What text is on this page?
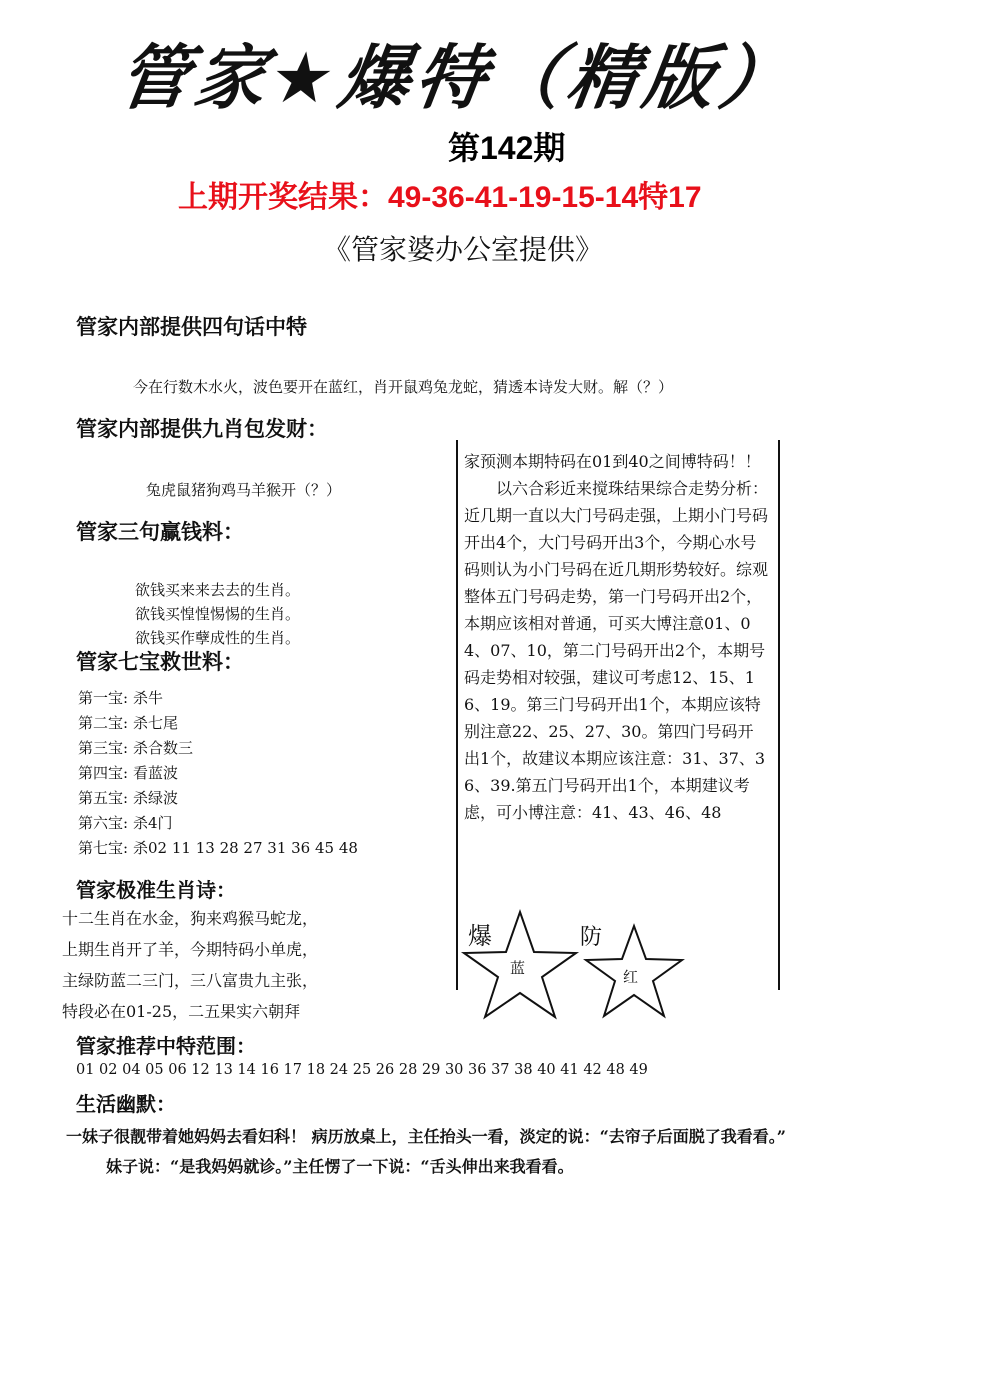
管家★爆特（精版）
第142期
上期开奖结果：49-36-41-19-15-14特17
《管家婆办公室提供》
管家内部提供四句话中特
今在行数木水火，波色要开在蓝红，肖开鼠鸡兔龙蛇，猜透本诗发大财。解（？）
管家内部提供九肖包发财：
兔虎鼠猪狗鸡马羊猴开（？）
管家三句赢钱料：
欲钱买来来去去的生肖。
欲钱买惶惶惕惕的生肖。
欲钱买作孽成性的生肖。
管家七宝救世料：
第一宝: 杀牛
第二宝: 杀七尾
第三宝: 杀合数三
第四宝: 看蓝波
第五宝: 杀绿波
第六宝: 杀4门
第七宝: 杀02 11 13 28 27 31 36 45 48
管家极准生肖诗：
十二生肖在水金，狗来鸡猴马蛇龙，
上期生肖开了羊，今期特码小单虎，
主绿防蓝二三门，三八富贵九主张，
特段必在01-25，二五果实六朝拜

家预测本期特码在01到40之间博特码！！

以六合彩近来搅珠结果综合走势分析：近几期一直以大门号码走强，上期小门号码开出4个，大门号码开出3个，今期心水号码则认为小门号码在近几期形势较好。综观整体五门号码走势，第一门号码开出2个，本期应该相对普通，可买大博注意01、04、07、10，第二门号码开出2个，本期号码走势相对较强，建议可考虑12、15、16、19。第三门号码开出1个，本期应该特别注意22、25、27、30。第四门号码开出1个，故建议本期应该注意：31、37、36、39.第五门号码开出1个，本期建议考虑，可小博注意：41、43、46、48

爆
蓝
防
红
管家推荐中特范围：
01 02 04 05 06 12 13 14 16 17 18 24 25 26 28 29 30 36 37 38 40 41 42 48 49
生活幽默：
一妹子很靓带着她妈妈去看妇科！ 病历放桌上，主任抬头一看，淡定的说：“去帘子后面脱了我看看。”
妹子说：“是我妈妈就诊。”主任愣了一下说：“舌头伸出来我看看。
